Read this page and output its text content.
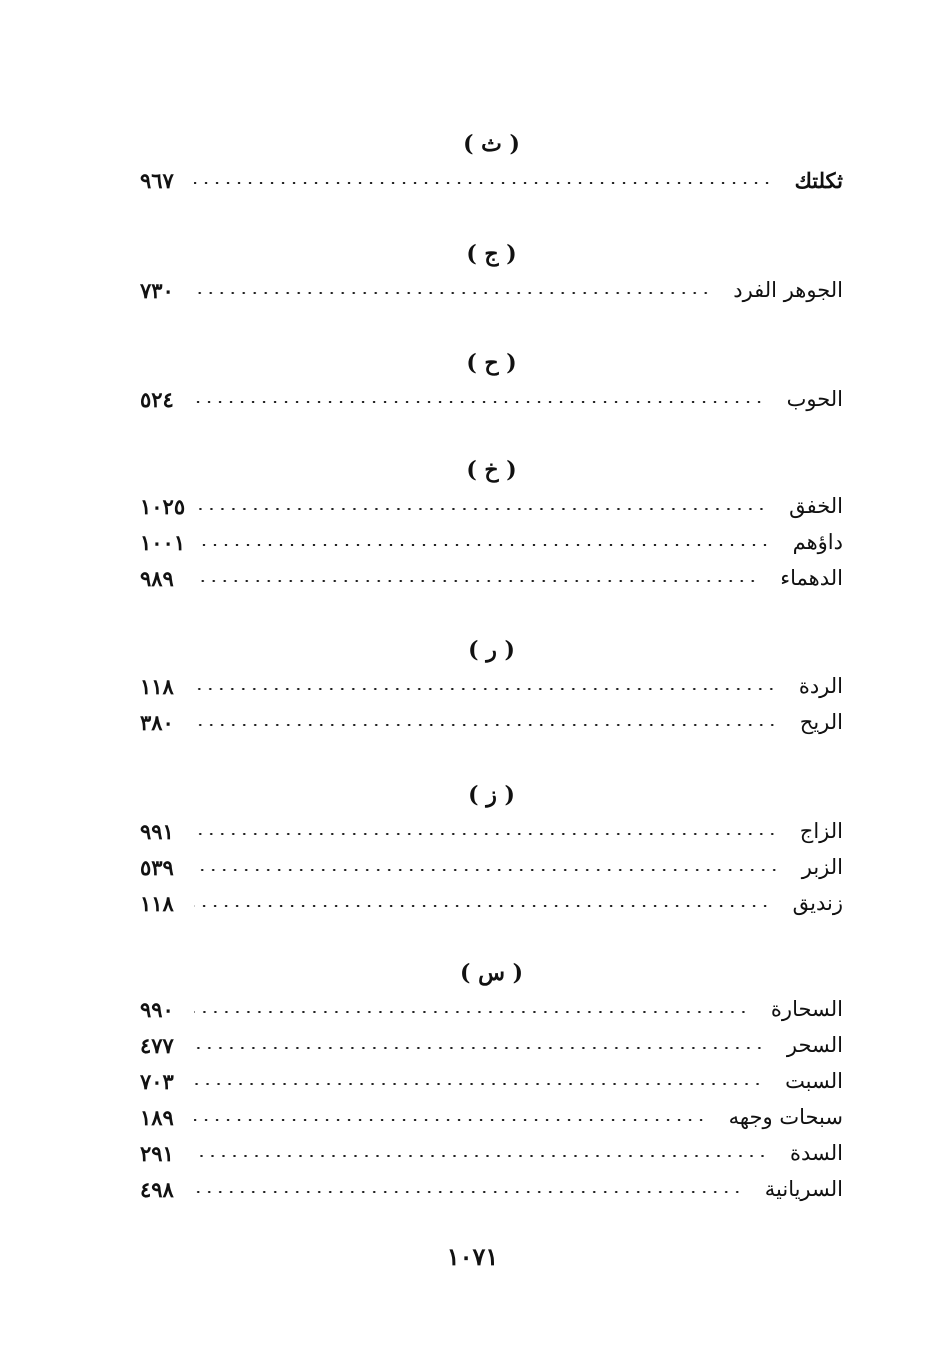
( ث )
ثكلتك
٩٦٧
( ج )
الجوهر الفرد
٧٣٠
( ح )
الحوب
٥٢٤
( خ )
الخفق
١٠٢٥
داؤهم
١٠٠١
الدهماء
٩٨٩
( ر )
الردة
١١٨
الريح
٣٨٠
( ز )
الزاج
٩٩١
الزبر
٥٣٩
زنديق
١١٨
( س )
السحارة
٩٩٠
السحر
٤٧٧
السبت
٧٠٣
سبحات وجهه
١٨٩
السدة
٢٩١
السريانية
٤٩٨
١٠٧١
